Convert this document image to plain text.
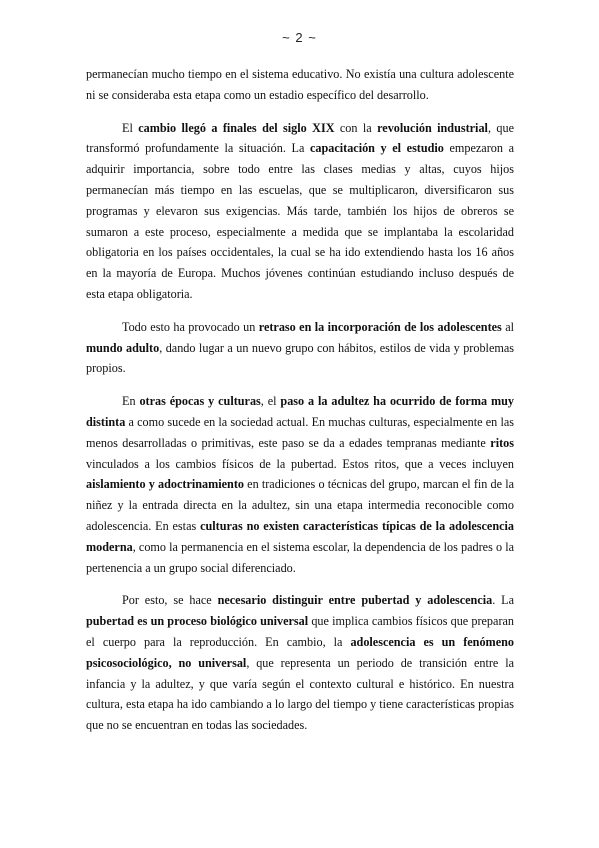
~ 2 ~

permanecían mucho tiempo en el sistema educativo. No existía una cultura adolescente ni se consideraba esta etapa como un estadio específico del desarrollo.

El cambio llegó a finales del siglo XIX con la revolución industrial, que transformó profundamente la situación. La capacitación y el estudio empezaron a adquirir importancia, sobre todo entre las clases medias y altas, cuyos hijos permanecían más tiempo en las escuelas, que se multiplicaron, diversificaron sus programas y elevaron sus exigencias. Más tarde, también los hijos de obreros se sumaron a este proceso, especialmente a medida que se implantaba la escolaridad obligatoria en los países occidentales, la cual se ha ido extendiendo hasta los 16 años en la mayoría de Europa. Muchos jóvenes continúan estudiando incluso después de esta etapa obligatoria.

Todo esto ha provocado un retraso en la incorporación de los adolescentes al mundo adulto, dando lugar a un nuevo grupo con hábitos, estilos de vida y problemas propios.

En otras épocas y culturas, el paso a la adultez ha ocurrido de forma muy distinta a como sucede en la sociedad actual. En muchas culturas, especialmente en las menos desarrolladas o primitivas, este paso se da a edades tempranas mediante ritos vinculados a los cambios físicos de la pubertad. Estos ritos, que a veces incluyen aislamiento y adoctrinamiento en tradiciones o técnicas del grupo, marcan el fin de la niñez y la entrada directa en la adultez, sin una etapa intermedia reconocible como adolescencia. En estas culturas no existen características típicas de la adolescencia moderna, como la permanencia en el sistema escolar, la dependencia de los padres o la pertenencia a un grupo social diferenciado.

Por esto, se hace necesario distinguir entre pubertad y adolescencia. La pubertad es un proceso biológico universal que implica cambios físicos que preparan el cuerpo para la reproducción. En cambio, la adolescencia es un fenómeno psicosociológico, no universal, que representa un periodo de transición entre la infancia y la adultez, y que varía según el contexto cultural e histórico. En nuestra cultura, esta etapa ha ido cambiando a lo largo del tiempo y tiene características propias que no se encuentran en todas las sociedades.
